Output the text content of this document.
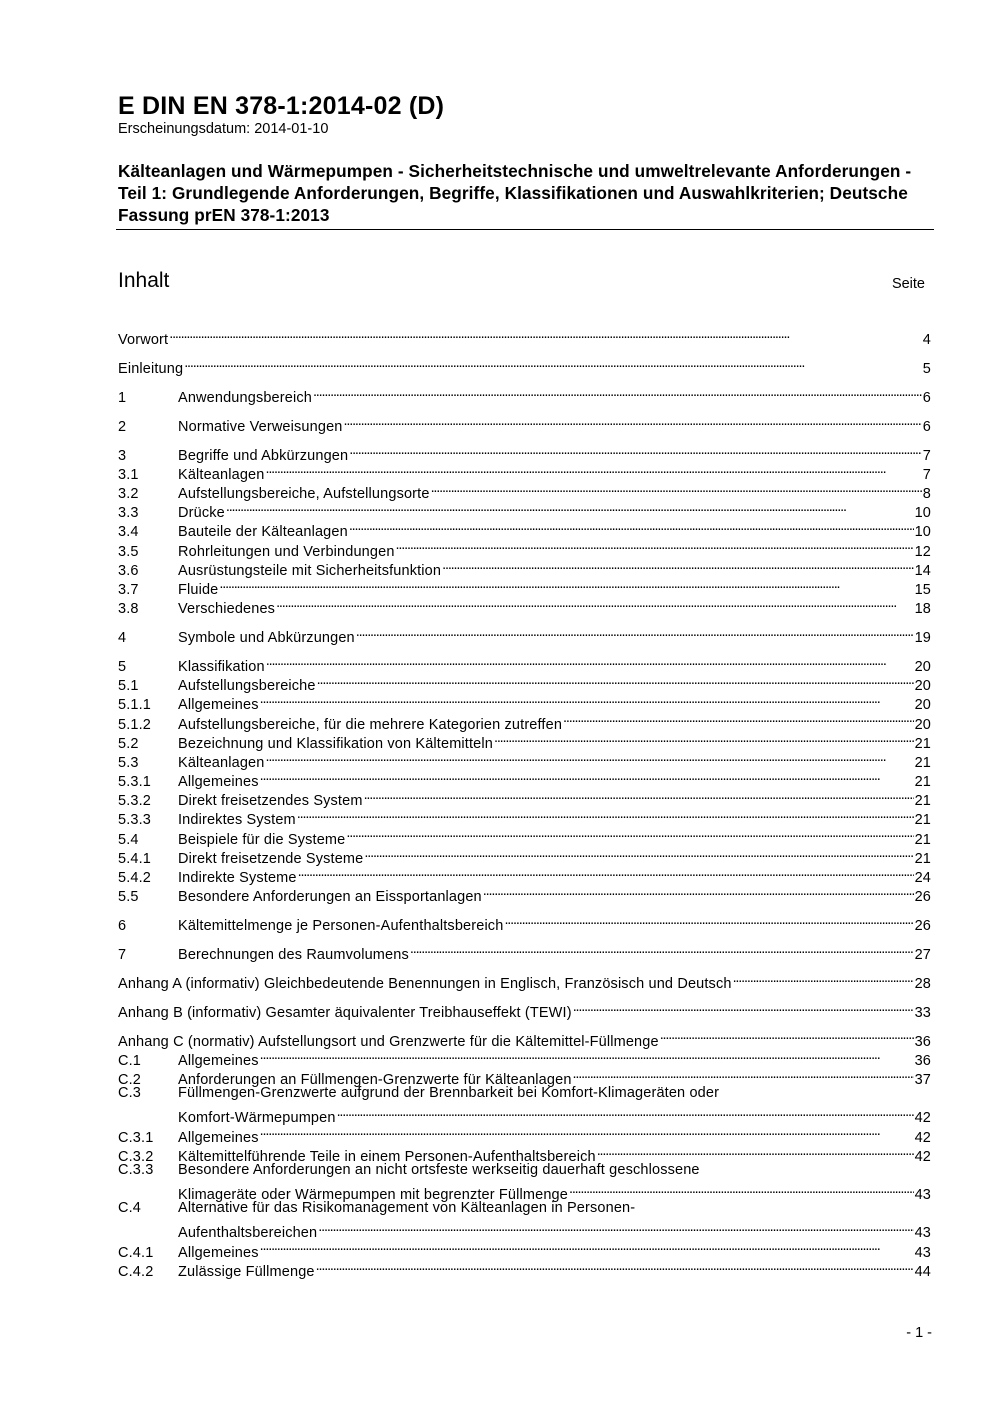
E DIN EN 378-1:2014-02 (D)
Erscheinungsdatum: 2014-01-10
Kälteanlagen und Wärmepumpen - Sicherheitstechnische und umweltrelevante Anforderungen - Teil 1: Grundlegende Anforderungen, Begriffe, Klassifikationen und Auswahlkriterien; Deutsche Fassung prEN 378-1:2013
Inhalt	Seite
Vorwort . . .	4
Einleitung . . .	5
1	Anwendungsbereich . . .	6
2	Normative Verweisungen . . .	6
3	Begriffe und Abkürzungen . . .	7
3.1	Kälteanlagen . . .	7
3.2	Aufstellungsbereiche, Aufstellungsorte . . .	8
3.3	Drücke . . .	10
3.4	Bauteile der Kälteanlagen . . .	10
3.5	Rohrleitungen und Verbindungen . . .	12
3.6	Ausrüstungsteile mit Sicherheitsfunktion . . .	14
3.7	Fluide . . .	15
3.8	Verschiedenes . . .	18
4	Symbole und Abkürzungen . . .	19
5	Klassifikation . . .	20
5.1	Aufstellungsbereiche . . .	20
5.1.1	Allgemeines . . .	20
5.1.2	Aufstellungsbereiche, für die mehrere Kategorien zutreffen . . .	20
5.2	Bezeichnung und Klassifikation von Kältemitteln . . .	21
5.3	Kälteanlagen . . .	21
5.3.1	Allgemeines . . .	21
5.3.2	Direkt freisetzendes System . . .	21
5.3.3	Indirektes System . . .	21
5.4	Beispiele für die Systeme . . .	21
5.4.1	Direkt freisetzende Systeme . . .	21
5.4.2	Indirekte Systeme . . .	24
5.5	Besondere Anforderungen an Eissportanlagen . . .	26
6	Kältemittelmenge je Personen-Aufenthaltsbereich . . .	26
7	Berechnungen des Raumvolumens . . .	27
Anhang A (informativ) Gleichbedeutende Benennungen in Englisch, Französisch und Deutsch . . .	28
Anhang B (informativ) Gesamter äquivalenter Treibhauseffekt (TEWI) . . .	33
Anhang C (normativ) Aufstellungsort und Grenzwerte für die Kältemittel-Füllmenge . . .	36
C.1	Allgemeines . . .	36
C.2	Anforderungen an Füllmengen-Grenzwerte für Kälteanlagen . . .	37
C.3	Füllmengen-Grenzwerte aufgrund der Brennbarkeit bei Komfort-Klimageräten oder
Komfort-Wärmepumpen . . .	42
C.3.1	Allgemeines . . .	42
C.3.2	Kältemittelführende Teile in einem Personen-Aufenthaltsbereich . . .	42
C.3.3	Besondere Anforderungen an nicht ortsfeste werkseitig dauerhaft geschlossene
Klimageräte oder Wärmepumpen mit begrenzter Füllmenge . . .	43
C.4	Alternative für das Risikomanagement von Kälteanlagen in Personen-
Aufenthaltsbereichen . . .	43
C.4.1	Allgemeines . . .	43
C.4.2	Zulässige Füllmenge . . .	44
- 1 -
